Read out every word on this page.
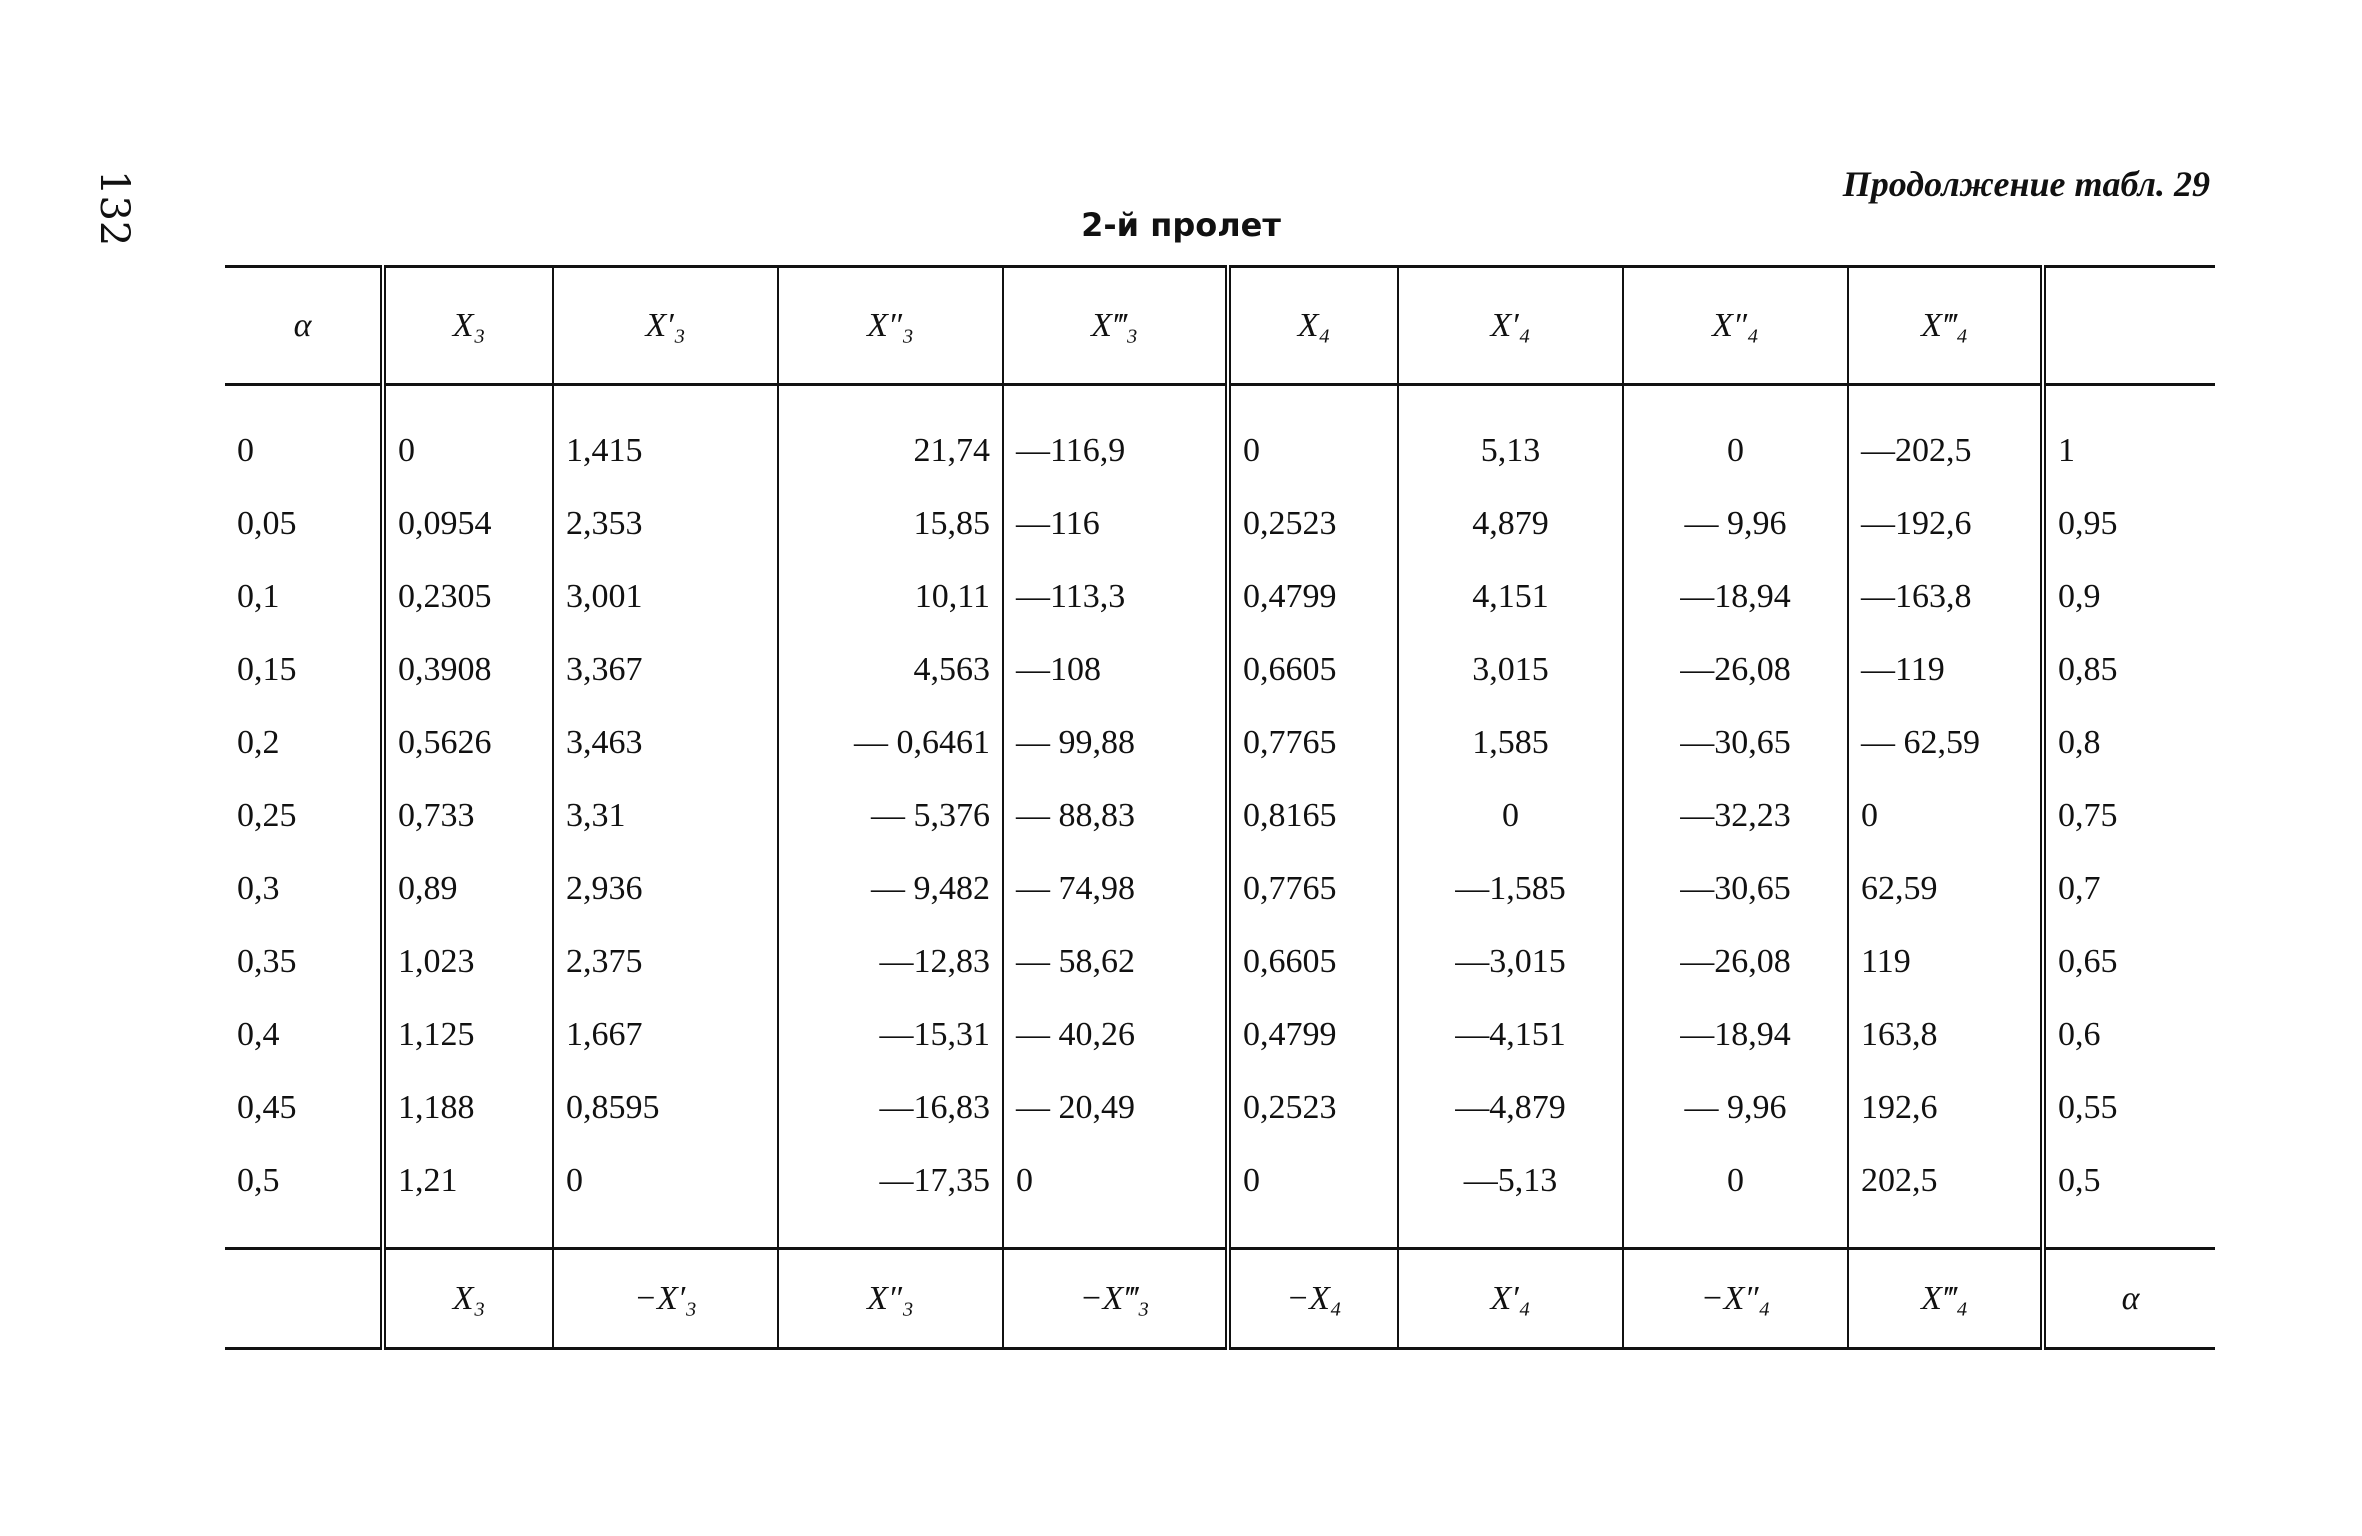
132	Продолжение табл. 29
2-й пролет
α	X₃	X′₃	X″₃	X‴₃	X₄	X′₄	X″₄	X‴₄	

0	0	1,415	21,74	—116,9	0	5,13	0	—202,5	1
0,05	0,0954	2,353	15,85	—116	0,2523	4,879	— 9,96	—192,6	0,95
0,1	0,2305	3,001	10,11	—113,3	0,4799	4,151	—18,94	—163,8	0,9
0,15	0,3908	3,367	4,563	—108	0,6605	3,015	—26,08	—119	0,85
0,2	0,5626	3,463	— 0,6461	— 99,88	0,7765	1,585	—30,65	— 62,59	0,8
0,25	0,733	3,31	— 5,376	— 88,83	0,8165	0	—32,23	0	0,75
0,3	0,89	2,936	— 9,482	— 74,98	0,7765	—1,585	—30,65	62,59	0,7
0,35	1,023	2,375	—12,83	— 58,62	0,6605	—3,015	—26,08	119	0,65
0,4	1,125	1,667	—15,31	— 40,26	0,4799	—4,151	—18,94	163,8	0,6
0,45	1,188	0,8595	—16,83	— 20,49	0,2523	—4,879	— 9,96	192,6	0,55
0,5	1,21	0	—17,35	0	0	—5,13	0	202,5	0,5

	X₃	−X′₃	X″₃	−X‴₃	−X₄	X′₄	−X″₄	X‴₄	α
